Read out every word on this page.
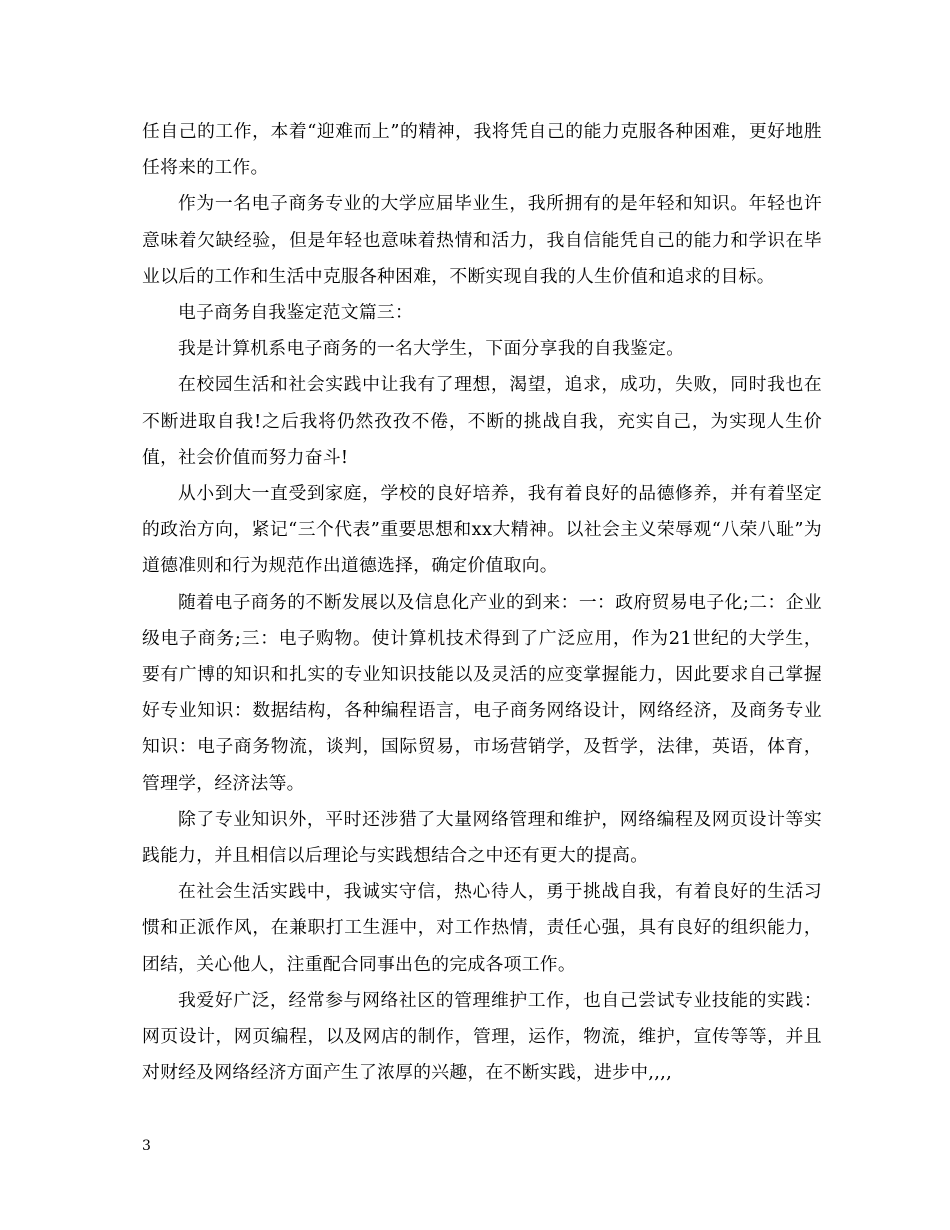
任自己的工作，本着“迎难而上”的精神，我将凭自己的能力克服各种困难，更好地胜任将来的工作。

作为一名电子商务专业的大学应届毕业生，我所拥有的是年轻和知识。年轻也许意味着欠缺经验，但是年轻也意味着热情和活力，我自信能凭自己的能力和学识在毕业以后的工作和生活中克服各种困难，不断实现自我的人生价值和追求的目标。

电子商务自我鉴定范文篇三：

我是计算机系电子商务的一名大学生，下面分享我的自我鉴定。

在校园生活和社会实践中让我有了理想，渴望，追求，成功，失败，同时我也在不断进取自我!之后我将仍然孜孜不倦，不断的挑战自我，充实自己，为实现人生价值，社会价值而努力奋斗!

从小到大一直受到家庭，学校的良好培养，我有着良好的品德修养，并有着坚定的政治方向，紧记“三个代表”重要思想和xx大精神。以社会主义荣辱观“八荣八耻”为道德准则和行为规范作出道德选择，确定价值取向。

随着电子商务的不断发展以及信息化产业的到来：一：政府贸易电子化;二：企业级电子商务;三：电子购物。使计算机技术得到了广泛应用，作为21世纪的大学生，要有广博的知识和扎实的专业知识技能以及灵活的应变掌握能力，因此要求自己掌握好专业知识：数据结构，各种编程语言，电子商务网络设计，网络经济，及商务专业知识：电子商务物流，谈判，国际贸易，市场营销学，及哲学，法律，英语，体育，管理学，经济法等。

除了专业知识外，平时还涉猎了大量网络管理和维护，网络编程及网页设计等实践能力，并且相信以后理论与实践想结合之中还有更大的提高。

在社会生活实践中，我诚实守信，热心待人，勇于挑战自我，有着良好的生活习惯和正派作风，在兼职打工生涯中，对工作热情，责任心强，具有良好的组织能力，团结，关心他人，注重配合同事出色的完成各项工作。

我爱好广泛，经常参与网络社区的管理维护工作，也自己尝试专业技能的实践：网页设计，网页编程，以及网店的制作，管理，运作，物流，维护，宣传等等，并且对财经及网络经济方面产生了浓厚的兴趣，在不断实践，进步中,,,,

3
